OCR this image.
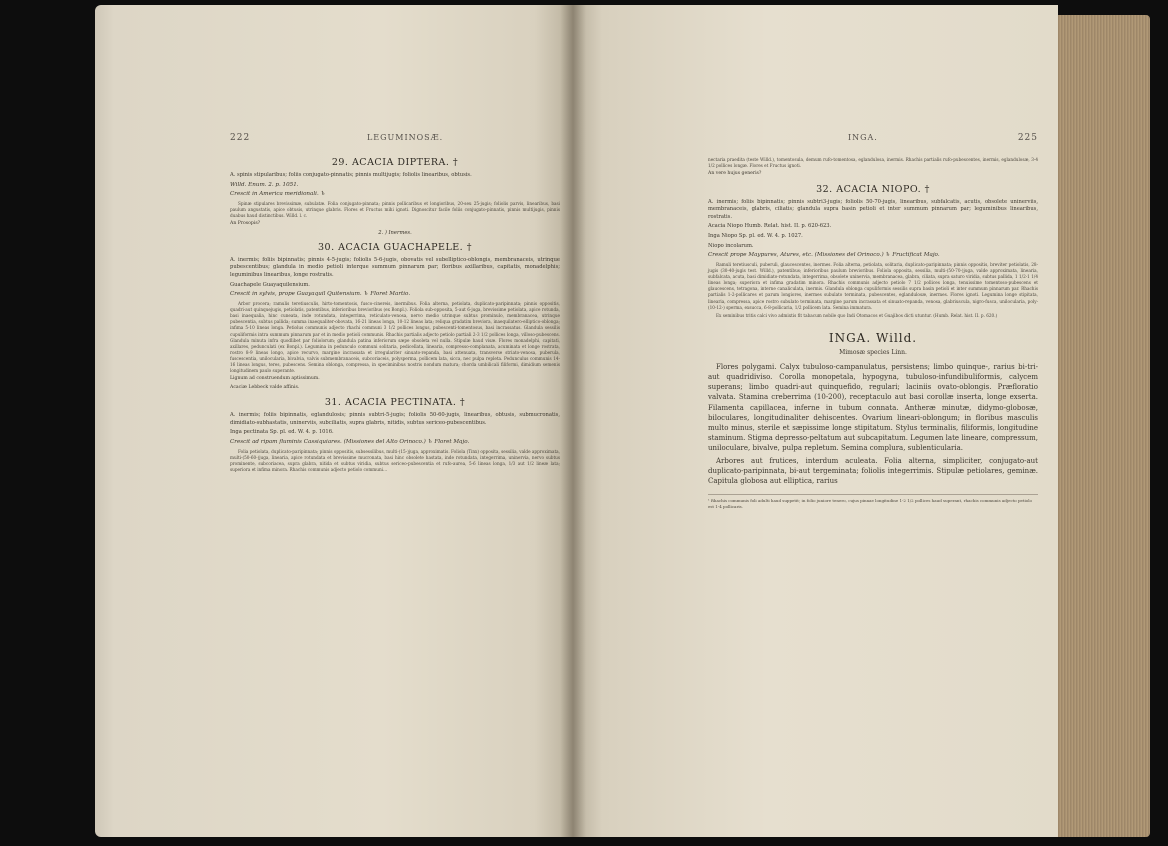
222	LEGUMINOSÆ.
29. ACACIA DIPTERA. †

A. spinis stipularibus; foliis conjugato-pinnatis; pinnis multijugis; foliolis linearibus, obtusis.

Willd. Enum. 2. p. 1051.

Crescit in America meridionali. ♄

Spinæ stipulares brevissimæ, subulatæ. Folia conjugato-pinnata; pinnis pollicaribus et longioribus, 20-seu 25-jugis; foliolis parvis, linearibus, basi paulum angustatis, apice obtusis, utrinque glabris. Flores et Fructus mihi ignoti. Dignoscitur facile foliis conjugato-pinnatis, pinnis multijugis, pinnis duabus haud distinctibus. Willd. l. c.

An Prosopis?

2. ) Inermes.
30. ACACIA GUACHAPELE. †

A. inermis; foliis bipinnatis; pinnis 4-5-jugis; foliolis 5-6-jugis, obovatis vel subelliptico-oblongis, membranaceis, utrinque pubescentibus; glandula in medio petioli interque summum pinnarum par; floribus axillaribus, capitatis, monadelphis; leguminibus linearibus, longe rostratis.

Guachapele Guayaquilensium.

Crescit in sylvis, prope Guayaquil Quitensium. ♄ Floret Martio.

Arbor procera; ramulis teretiusculis, hirto-tomentosis, fusco-cinereis, inermibus. Folia alterna, petiolata, duplicato-paripinnata; pinnis oppositis, quadri-aut quinquejugis, petiolatis, patentibus, inferioribus brevioribus (ex Bonpl.). Foliola sub-opposita, 5-aut 6-juga, brevissime petiolata, apice rotunda, basi inaequalia, hinc cuneata, inde rotundata, integerrima, reticulato-venosa, nervo medio utrinque subtus prominulo, membranacea, utrinque pubescentia, subtus pallida; summa inaequaliter-obovata, 16-21 lineas longa, 10-12 lineas lata; reliqua gradatim breviora, inaequilatero-elliptico-oblonga; infima 5-10 lineas longa. Petiolus communis adjecto rhachi communi 3 1/2 pollices longus, pubescenti-tomentosus, basi incrassatus. Glandula sessilis cupuliformis intra summum pinnarum par et in medio petioli communis. Rhachis partialis adjecto petiolo partiali 2-3 1/2 pollices longa, villoso-pubescens. Glandula minuta infra quodlibet par foliolorum; glandula patina inferiorum sæpe obsoleta vel nulla. Stipulæ haud visæ. Flores monadelphi, capitati, axillares, pedunculati (ex Bonpl.). Legumina in pedunculo communi solitaria, pedicellata, linearia, compresso-complanata, acuminata et longe rostrata, rostro 8-9 lineas longo, apice recurvo, margine incrassata et irregulariter sinuato-repanda, basi attenuata, transverse striato-venosa, puberula, fuscescentia, unilocularia, bivalvia, valvis submembranaceis, subcoriaceis, polysperma, pollicem lata, sicca, nec pulpa repleta. Pedunculus communis 14-16 lineas longus, teres, pubescens. Semina oblonga, compressa, in speciminibus nostris nondum matura; chorda umbilicali filiformi, dimidium semenis longitudinem paulo superante.

Lignum ad construendum aptissimum.

Acaciæ Lebbeck valde affinis.

31. ACACIA PECTINATA. †

A. inermis; foliis bipinnatis, eglandulosis; pinnis subtri-5-jugis; foliolis 50-60-jugis, linearibus, obtusis, submucronatis, dimidiato-subhastatis, uninerviis, subciliatis, supra glabris, nitidis, subtus sericeo-pubescentibus.

Inga pectinata Sp. pl. ed. W. 4. p. 1016.

Crescit ad ripam fluminis Cassiquiares. (Missiones del Alto Orinoco.) ♄ Floret Majo.

Folia petiolata, duplicato-paripinnata; pinnis oppositis, subsessilibus, multi-(15-)juga, approximatis. Foliola (Tinx) opposita, sessilia, valde approximata, multi-(50-60-)juga, linearia, apice rotundata et brevissime mucronata, basi hinc obsolete hastata, inde rotundata, integerrima, uninervia, nervo subtus prominente, subcoriacea, supra glabra, nitida et subtus viridia, subtus sericeo-pubescentia et rufo-aurea, 5-6 lineas longa, 1/3 aut 1/2 lineæ lata; superiora et infima minora. Rhachis communis adjecto petiolo communi…

INGA.	225

nectaria praedita (teste Willd.), tomentosula, demum rufo-tomentosa, eglandulosa, inermis. Rhachis partialis rufo-pubescentes, inermis, eglandulosæ, 3-4 1/2 pollices longæ. Flores et Fructus ignoti.

An vere hujus generis?

32. ACACIA NIOPO. †

A. inermis; foliis bipinnatis; pinnis subtri3-jugis; foliolis 50-70-jugis, linearibus, subfalcatis, acutis, obsolete uninerviis, membranaceis, glabris, ciliatis; glandula supra basin petioli et inter summum pinnarum par; leguminibus linearibus, rostratis.

Acacia Niopo Humb. Relat. hist. II. p. 620-623.

Inga Niopo Sp. pl. ed. W. 4. p. 1027.

Niopo incolarum.

Crescit prope Maypures, Atures, etc. (Missiones del Orinoco.) ♄ Fructificat Majo.

Ramuli teretiusculi, puberuli, glaucescentes, inermes. Folia alterna, petiolata, solitaria, duplicato-paripinnata; pinnis oppositis, breviter petiolatis, 28-jugis (30-40-jugis test. Willd.), patentibus; inferioribus paulum brevioribus. Foliola opposita, sessilia, multi-(50-70-)juga, valde approximata, linearia, subfalcata, acuta, basi dimidiato-rotundata, integerrima, obsolete uninervia, membranacea, glabra, ciliata, supra saturo viridia, subtus pallida, 1 1/2-1 1/4 lineas longa; superiora et infima gradatim minora. Rhachis communis adjecto petiolo 7 1/2 pollices longa, tenuissime tomentoso-pubescens et glaucescens, tetragona, interne canaliculata, inermis. Glandula oblonga cupuliformis sessilis supra basin petioli et inter summum pinnarum par. Rhachis partialis 1-2-pollicares et parum longiores, inermes subulato terminata, pubescentes, eglandulosæ, inermes. Flores ignoti. Legumina longe stipitata, linearia, compressa, apice rostro subulato terminata, margine parum incrassata et sinuato-repanda, venosa, glabriuscula, nigro-fusca, unilocularia, poly-(10-12-) sperma, exsucca, 6-8-pollicaria, 1/2 pollicem lata. Semina immatura.

Ex seminibus tritis calci vivo admixtis fit tabacum nobile quo Indi Otomacos et Guajibos dicti utuntur. (Humb. Relat. hist. II. p. 620.)

INGA. Willd.
Mimosæ species Linn.

Flores polygami. Calyx tubuloso-campanulatus, persistens; limbo quinque-, rarius bi-tri-aut quadridiviso. Corolla monopetala, hypogyna, tubuloso-infundibuliformis, calycem superans; limbo quadri-aut quinquefido, regulari; laciniis ovato-oblongis. Præfloratio valvata. Stamina creberrima (10-200), receptaculo aut basi corollæ inserta, longe exserta. Filamenta capillacea, inferne in tubum connata. Antheræ minutæ, didymo-globosæ, biloculares, longitudinaliter dehiscentes. Ovarium lineari-oblongum; in floribus masculis multo minus, sterile et sæpissime longe stipitatum. Stylus terminalis, filiformis, longitudine staminum. Stigma depresso-peltatum aut subcapitatum. Legumen late lineare, compressum, uniloculare, bivalve, pulpa repletum. Semina complura, sublenticularia.

Arbores aut frutices, interdum aculeata. Folia alterna, simpliciter, conjugato-aut duplicato-paripinnata, bi-aut tergeminata; foliolis integerrimis. Stipulæ petiolares, geminæ. Capitula globosa aut elliptica, rarius

¹ Rhachis communis foli adulti haud suppetit; in folio juniore tenero, cujus pinnae longitudine 1-2 1/2 pollices haud superant, rhachis communis adjecto petiolo est 1-4 pollicaris.
